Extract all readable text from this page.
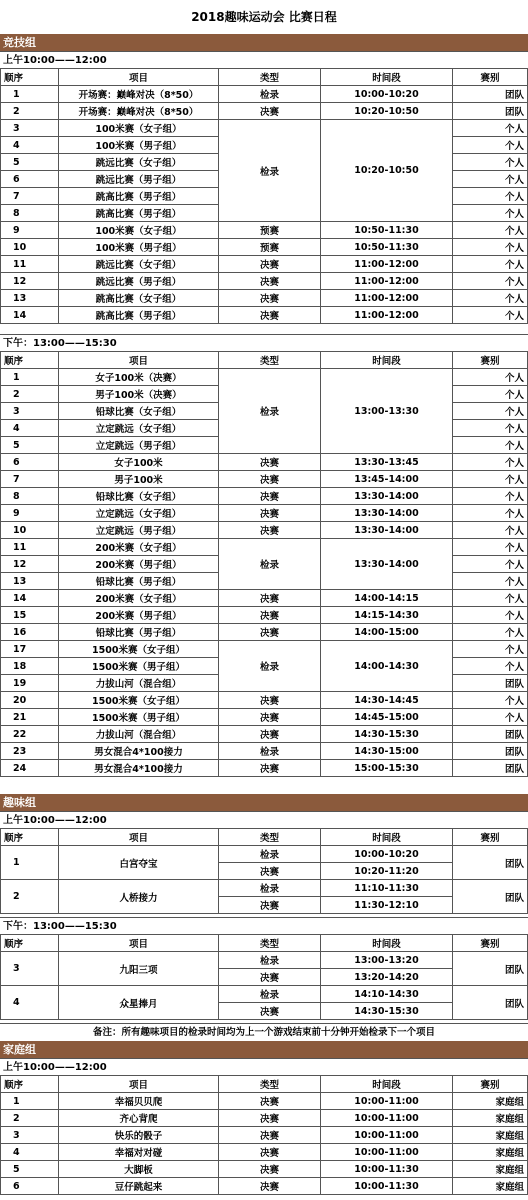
2018趣味运动会 比赛日程
竞技组
上午10:00——12:00
顺序	项目	类型	时间段	赛别
1	开场赛：巅峰对决（8*50）	检录	10:00-10:20	团队
2	开场赛：巅峰对决（8*50）	决赛	10:20-10:50	团队
3	100米赛（女子组）	检录	10:20-10:50	个人
4	100米赛（男子组）			个人
5	跳远比赛（女子组）			个人
6	跳远比赛（男子组）			个人
7	跳高比赛（男子组）			个人
8	跳高比赛（男子组）			个人
9	100米赛（女子组）	预赛	10:50-11:30	个人
10	100米赛（男子组）	预赛	10:50-11:30	个人
11	跳远比赛（女子组）	决赛	11:00-12:00	个人
12	跳远比赛（男子组）	决赛	11:00-12:00	个人
13	跳高比赛（女子组）	决赛	11:00-12:00	个人
14	跳高比赛（男子组）	决赛	11:00-12:00	个人
下午：13:00——15:30
顺序	项目	类型	时间段	赛别
1	女子100米（决赛）	检录	13:00-13:30	个人
2	男子100米（决赛）			个人
3	铅球比赛（女子组）			个人
4	立定跳远（女子组）			个人
5	立定跳远（男子组）			个人
6	女子100米	决赛	13:30-13:45	个人
7	男子100米	决赛	13:45-14:00	个人
8	铅球比赛（女子组）	决赛	13:30-14:00	个人
9	立定跳远（女子组）	决赛	13:30-14:00	个人
10	立定跳远（男子组）	决赛	13:30-14:00	个人
11	200米赛（女子组）	检录	13:30-14:00	个人
12	200米赛（男子组）			个人
13	铅球比赛（男子组）			个人
14	200米赛（女子组）	决赛	14:00-14:15	个人
15	200米赛（男子组）	决赛	14:15-14:30	个人
16	铅球比赛（男子组）	决赛	14:00-15:00	个人
17	1500米赛（女子组）	检录	14:00-14:30	个人
18	1500米赛（男子组）			个人
19	力拔山河（混合组）			团队
20	1500米赛（女子组）	决赛	14:30-14:45	个人
21	1500米赛（男子组）	决赛	14:45-15:00	个人
22	力拔山河（混合组）	决赛	14:30-15:30	团队
23	男女混合4*100接力	检录	14:30-15:00	团队
24	男女混合4*100接力	决赛	15:00-15:30	团队
趣味组
上午10:00——12:00
顺序	项目	类型	时间段	赛别
1	白宫夺宝	检录	10:00-10:20	团队
		决赛	10:20-11:20	
2	人桥接力	检录	11:10-11:30	团队
		决赛	11:30-12:10	
下午：13:00——15:30
顺序	项目	类型	时间段	赛别
3	九阳三项	检录	13:00-13:20	团队
		决赛	13:20-14:20	
4	众星捧月	检录	14:10-14:30	团队
		决赛	14:30-15:30	
备注：所有趣味项目的检录时间均为上一个游戏结束前十分钟开始检录下一个项目
家庭组
上午10:00——12:00
顺序	项目	类型	时间段	赛别
1	幸福贝贝爬	决赛	10:00-11:00	家庭组
2	齐心背爬	决赛	10:00-11:00	家庭组
3	快乐的骰子	决赛	10:00-11:00	家庭组
4	幸福对对碰	决赛	10:00-11:00	家庭组
5	大脚板	决赛	10:00-11:30	家庭组
6	豆仔跳起来	决赛	10:00-11:30	家庭组
